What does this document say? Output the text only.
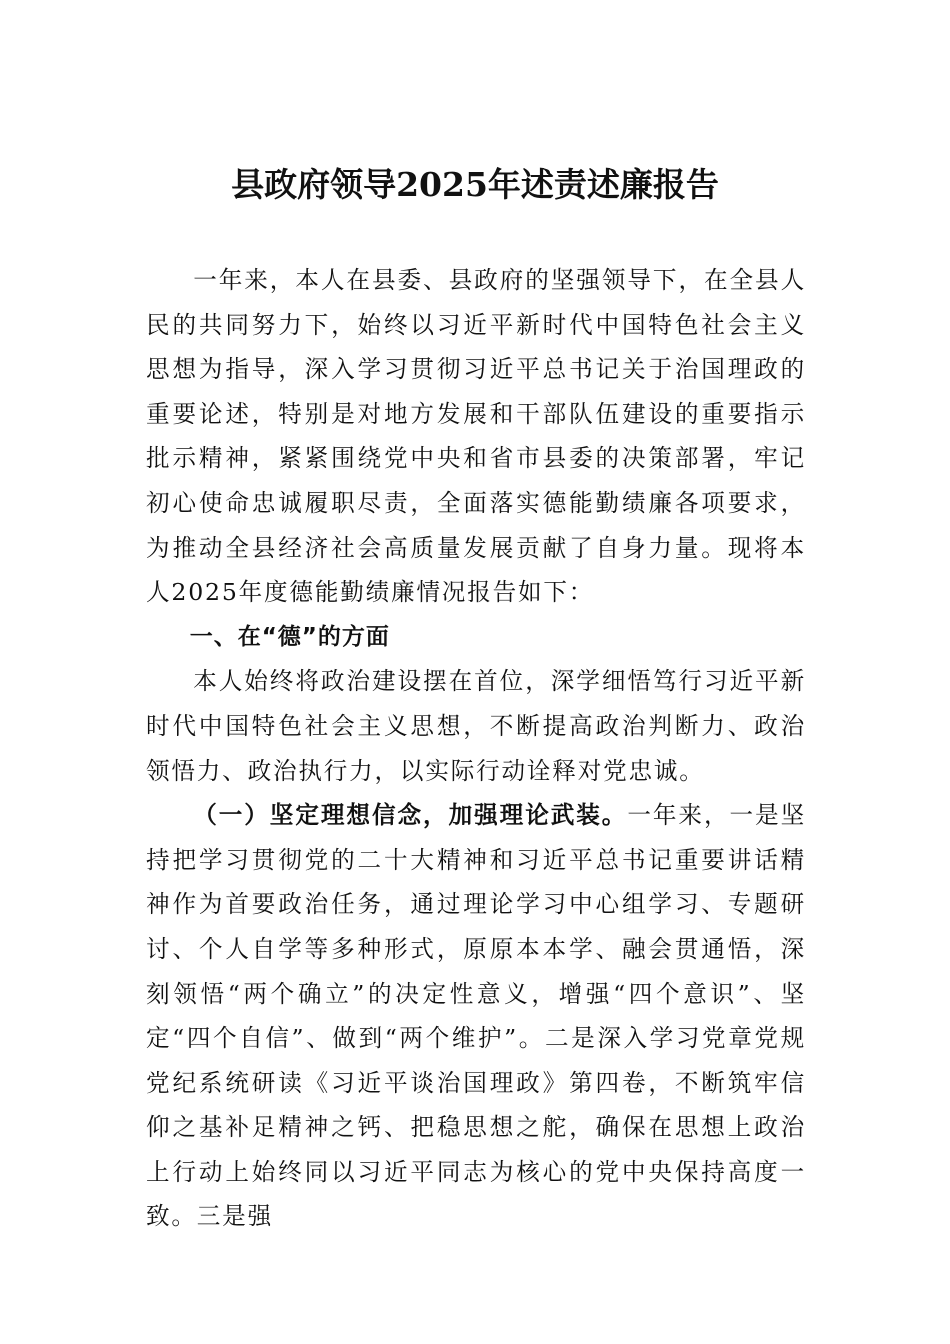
县政府领导2025年述责述廉报告

一年来，本人在县委、县政府的坚强领导下，在全县人民的共同努力下，始终以习近平新时代中国特色社会主义思想为指导，深入学习贯彻习近平总书记关于治国理政的重要论述，特别是对地方发展和干部队伍建设的重要指示批示精神，紧紧围绕党中央和省市县委的决策部署，牢记初心使命忠诚履职尽责，全面落实德能勤绩廉各项要求，为推动全县经济社会高质量发展贡献了自身力量。现将本人2025年度德能勤绩廉情况报告如下：

一、在“德”的方面

本人始终将政治建设摆在首位，深学细悟笃行习近平新时代中国特色社会主义思想，不断提高政治判断力、政治领悟力、政治执行力，以实际行动诠释对党忠诚。

（一）坚定理想信念，加强理论武装。一年来，一是坚持把学习贯彻党的二十大精神和习近平总书记重要讲话精神作为首要政治任务，通过理论学习中心组学习、专题研讨、个人自学等多种形式，原原本本学、融会贯通悟，深刻领悟“两个确立”的决定性意义，增强“四个意识”、坚定“四个自信”、做到“两个维护”。二是深入学习党章党规党纪系统研读《习近平谈治国理政》第四卷，不断筑牢信仰之基补足精神之钙、把稳思想之舵，确保在思想上政治上行动上始终同以习近平同志为核心的党中央保持高度一致。三是强
